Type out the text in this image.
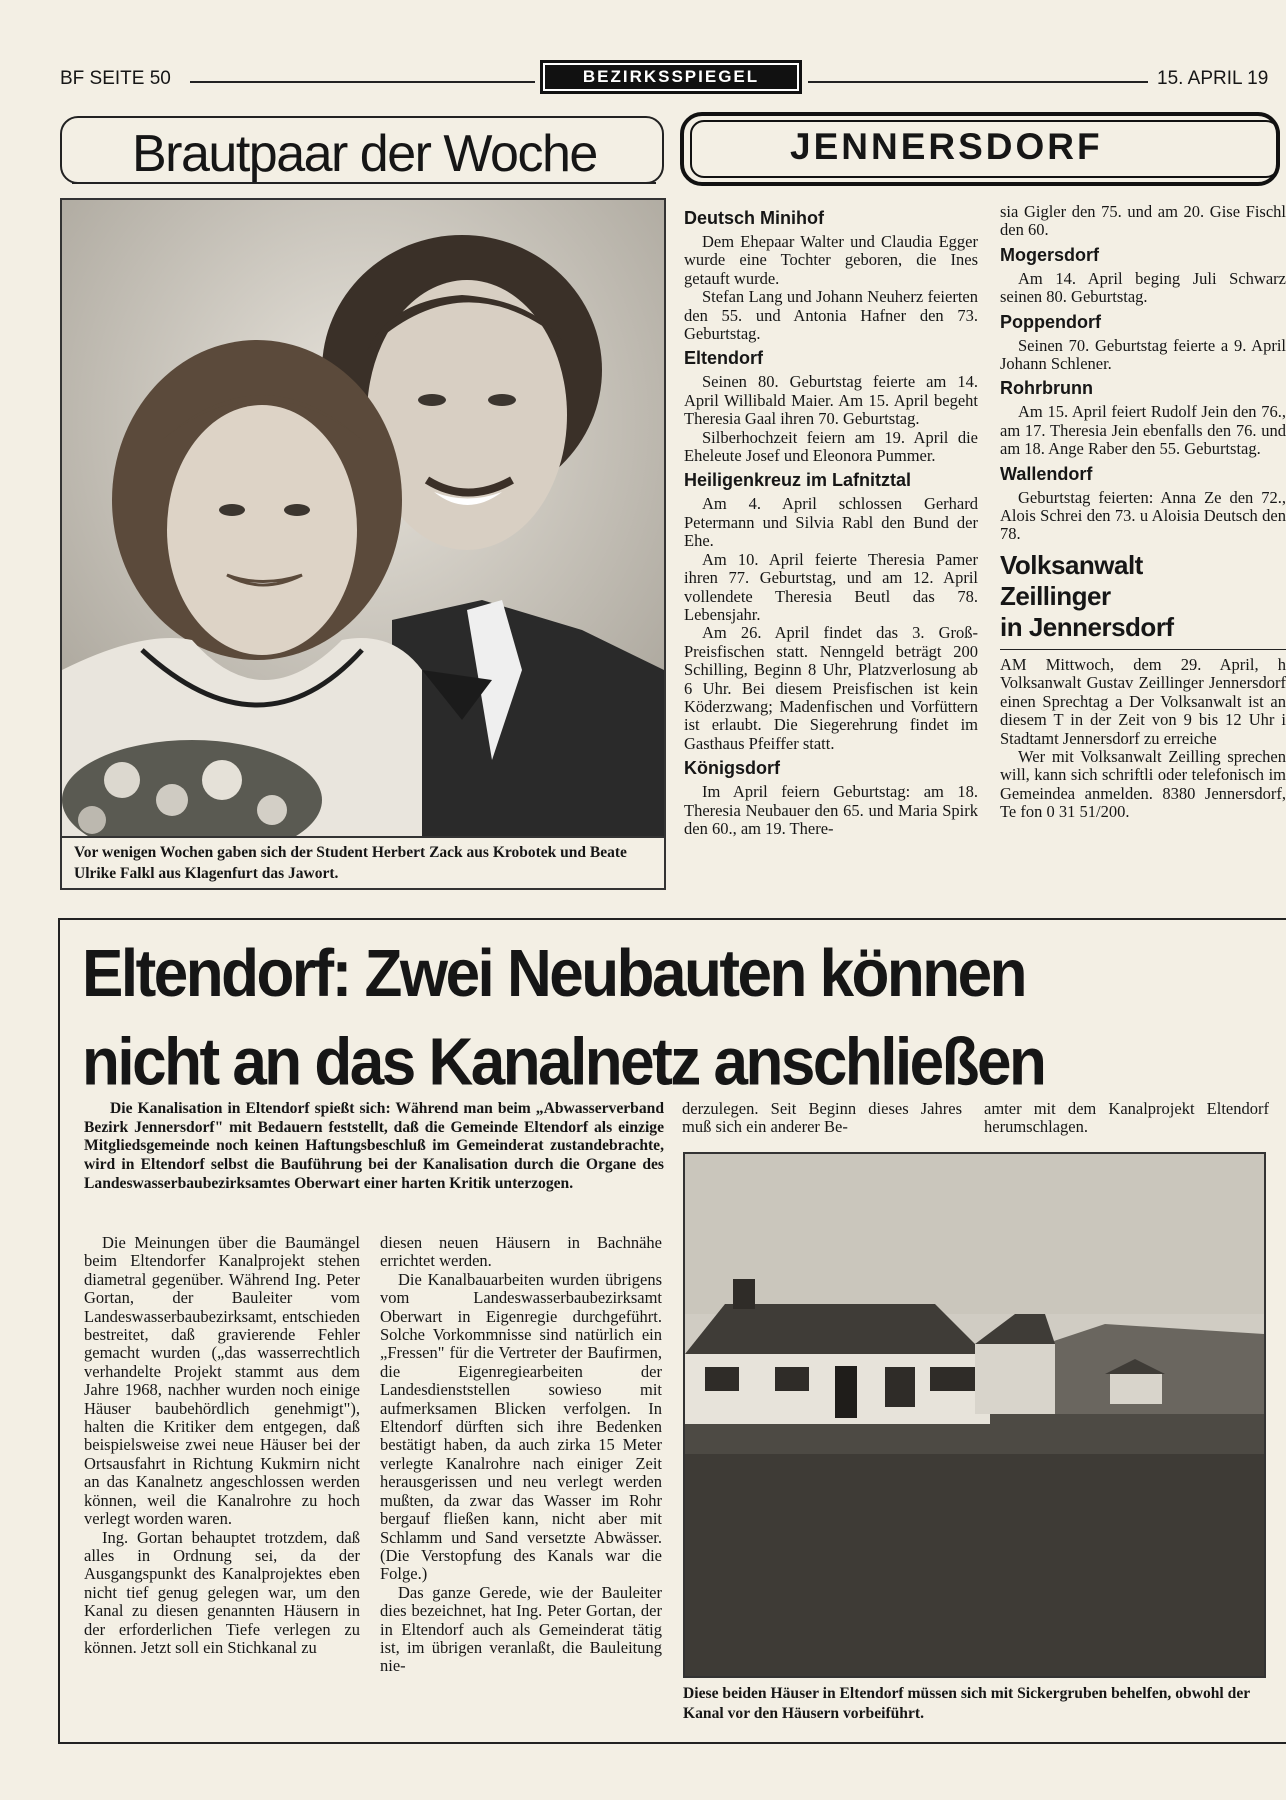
BF SEITE 50	BEZIRKSSPIEGEL	15. APRIL 19
Brautpaar der Woche
Vor wenigen Wochen gaben sich der Student Herbert Zack aus Krobotek und Beate Ulrike Falkl aus Klagenfurt das Jawort.
JENNERSDORF
Deutsch Minihof

Dem Ehepaar Walter und Claudia Egger wurde eine Tochter geboren, die Ines getauft wurde.

Stefan Lang und Johann Neuherz feierten den 55. und Antonia Hafner den 73. Geburtstag.

Eltendorf

Seinen 80. Geburtstag feierte am 14. April Willibald Maier. Am 15. April begeht Theresia Gaal ihren 70. Geburtstag.

Silberhochzeit feiern am 19. April die Eheleute Josef und Eleonora Pummer.

Heiligenkreuz im Lafnitztal

Am 4. April schlossen Gerhard Petermann und Silvia Rabl den Bund der Ehe.

Am 10. April feierte Theresia Pamer ihren 77. Geburtstag, und am 12. April vollendete Theresia Beutl das 78. Lebensjahr.

Am 26. April findet das 3. Groß-Preisfischen statt. Nenngeld beträgt 200 Schilling, Beginn 8 Uhr, Platzverlosung ab 6 Uhr. Bei diesem Preisfischen ist kein Köderzwang; Madenfischen und Vorfüttern ist erlaubt. Die Siegerehrung findet im Gasthaus Pfeiffer statt.

Königsdorf

Im April feiern Geburtstag: am 18. Theresia Neubauer den 65. und Maria Spirk den 60., am 19. There-

sia Gigler den 75. und am 20. Gise Fischl den 60.

Mogersdorf

Am 14. April beging Juli Schwarz seinen 80. Geburtstag.

Poppendorf

Seinen 70. Geburtstag feierte a 9. April Johann Schlener.

Rohrbrunn

Am 15. April feiert Rudolf Jein den 76., am 17. Theresia Jein ebenfalls den 76. und am 18. Ange Raber den 55. Geburtstag.

Wallendorf

Geburtstag feierten: Anna Ze den 72., Alois Schrei den 73. u Aloisia Deutsch den 78.

Volksanwalt
Zeillinger
in Jennersdorf

AM Mittwoch, dem 29. April, h Volksanwalt Gustav Zeillinger Jennersdorf einen Sprechtag a Der Volksanwalt ist an diesem T in der Zeit von 9 bis 12 Uhr i Stadtamt Jennersdorf zu erreiche

Wer mit Volksanwalt Zeilling sprechen will, kann sich schriftli oder telefonisch im Gemeindea anmelden. 8380 Jennersdorf, Te fon 0 31 51/200.

Eltendorf: Zwei Neubauten können
nicht an das Kanalnetz anschließen
Die Kanalisation in Eltendorf spießt sich: Während man beim „Abwasserverband Bezirk Jennersdorf" mit Bedauern feststellt, daß die Gemeinde Eltendorf als einzige Mitgliedsgemeinde noch keinen Haftungsbeschluß im Gemeinderat zustandebrachte, wird in Eltendorf selbst die Bauführung bei der Kanalisation durch die Organe des Landeswasserbaubezirksamtes Oberwart einer harten Kritik unterzogen.

Die Meinungen über die Baumängel beim Eltendorfer Kanalprojekt stehen diametral gegenüber. Während Ing. Peter Gortan, der Bauleiter vom Landeswasserbaubezirksamt, entschieden bestreitet, daß gravierende Fehler gemacht wurden („das wasserrechtlich verhandelte Projekt stammt aus dem Jahre 1968, nachher wurden noch einige Häuser baubehördlich genehmigt"), halten die Kritiker dem entgegen, daß beispielsweise zwei neue Häuser bei der Ortsausfahrt in Richtung Kukmirn nicht an das Kanalnetz angeschlossen werden können, weil die Kanalrohre zu hoch verlegt worden waren.

Ing. Gortan behauptet trotzdem, daß alles in Ordnung sei, da der Ausgangspunkt des Kanalprojektes eben nicht tief genug gelegen war, um den Kanal zu diesen genannten Häusern in der erforderlichen Tiefe verlegen zu können. Jetzt soll ein Stichkanal zu

diesen neuen Häusern in Bachnähe errichtet werden.

Die Kanalbauarbeiten wurden übrigens vom Landeswasserbaubezirksamt Oberwart in Eigenregie durchgeführt. Solche Vorkommnisse sind natürlich ein „Fressen" für die Vertreter der Baufirmen, die Eigenregiearbeiten der Landesdienststellen sowieso mit aufmerksamen Blicken verfolgen. In Eltendorf dürften sich ihre Bedenken bestätigt haben, da auch zirka 15 Meter verlegte Kanalrohre nach einiger Zeit herausgerissen und neu verlegt werden mußten, da zwar das Wasser im Rohr bergauf fließen kann, nicht aber mit Schlamm und Sand versetzte Abwässer. (Die Verstopfung des Kanals war die Folge.)

Das ganze Gerede, wie der Bauleiter dies bezeichnet, hat Ing. Peter Gortan, der in Eltendorf auch als Gemeinderat tätig ist, im übrigen veranlaßt, die Bauleitung nie-

derzulegen. Seit Beginn dieses Jahres muß sich ein anderer Be-

amter mit dem Kanalprojekt Eltendorf herumschlagen.

Diese beiden Häuser in Eltendorf müssen sich mit Sickergruben behelfen, obwohl der Kanal vor den Häusern vorbeiführt.
